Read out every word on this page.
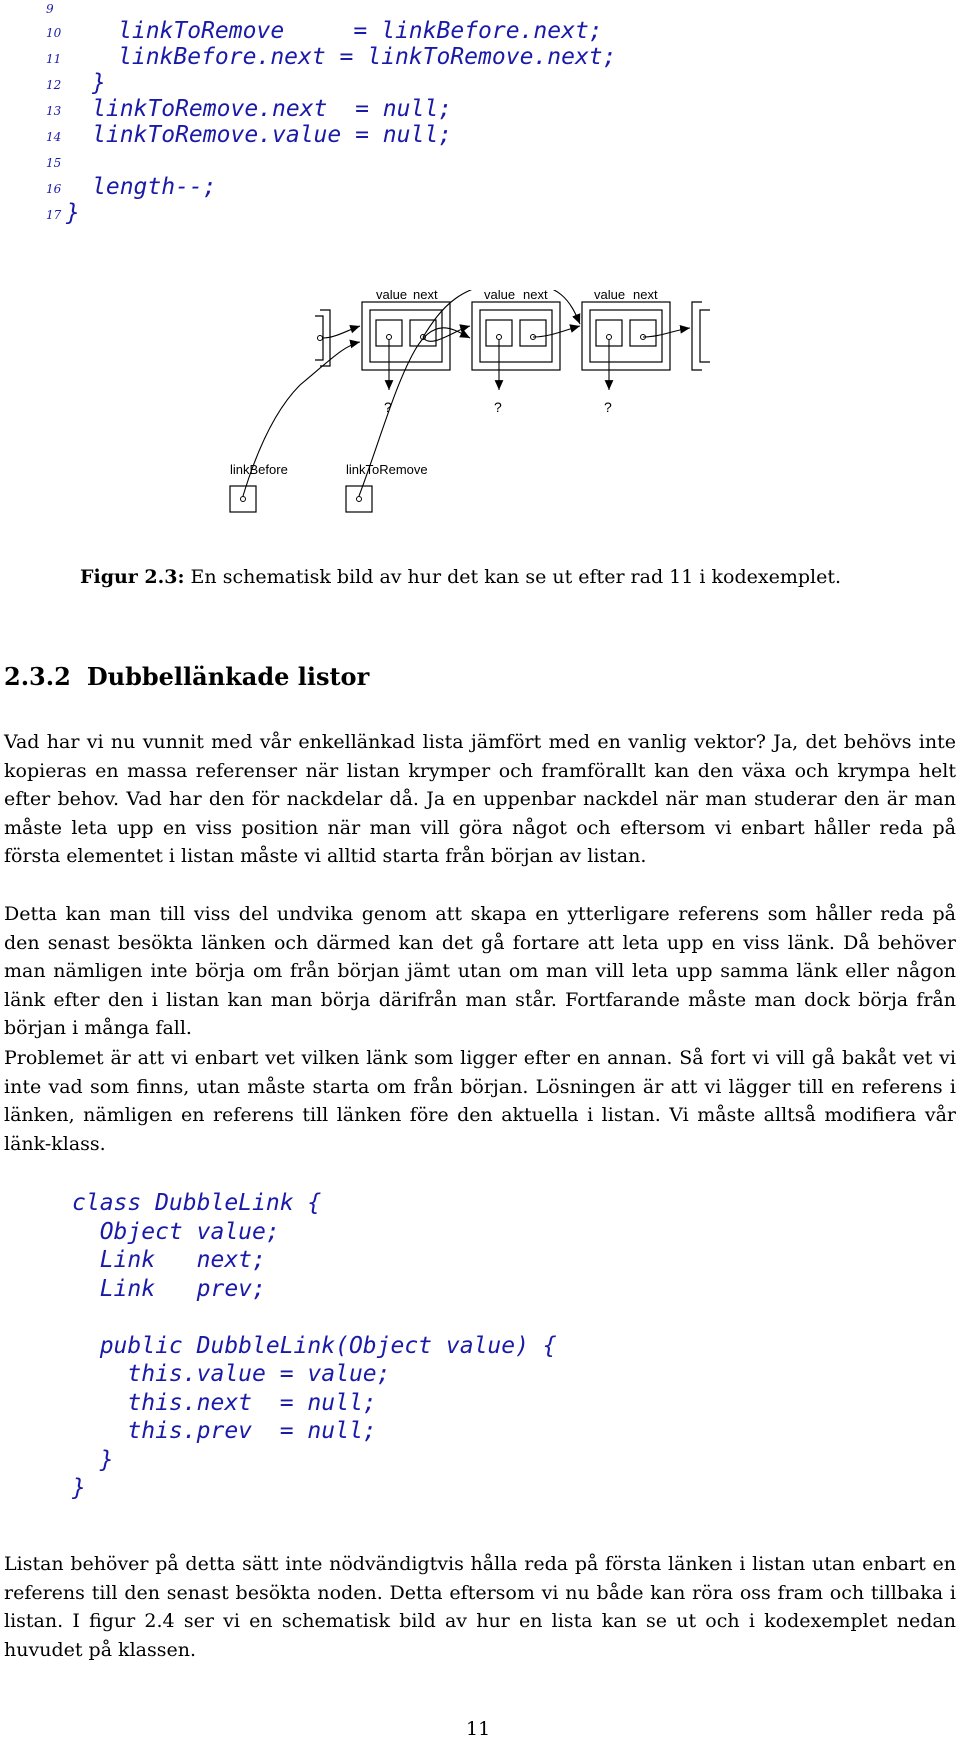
9
10 linkToRemove     = linkBefore.next;
11 linkBefore.next = linkToRemove.next;
12 }
13 linkToRemove.next  = null;
14 linkToRemove.value = null;
15
16 length--;
17 }
value next	value next	value next
?	?	?
linkBefore	linkToRemove
Figur 2.3: En schematisk bild av hur det kan se ut efter rad 11 i kodexemplet.
2.3.2 Dubbellänkade listor
Vad har vi nu vunnit med vår enkellänkad lista jämfört med en vanlig vektor? Ja, det behövs inte kopieras en massa referenser när listan krymper och framförallt kan den växa och krympa helt efter behov. Vad har den för nackdelar då. Ja en uppenbar nackdel när man studerar den är man måste leta upp en viss position när man vill göra något och eftersom vi enbart håller reda på första elementet i listan måste vi alltid starta från början av listan.
Detta kan man till viss del undvika genom att skapa en ytterligare referens som håller reda på den senast besökta länken och därmed kan det gå fortare att leta upp en viss länk. Då behöver man nämligen inte börja om från början jämt utan om man vill leta upp samma länk eller någon länk efter den i listan kan man börja därifrån man står. Fortfarande måste man dock börja från början i många fall.
Problemet är att vi enbart vet vilken länk som ligger efter en annan. Så fort vi vill gå bakåt vet vi inte vad som finns, utan måste starta om från början. Lösningen är att vi lägger till en referens i länken, nämligen en referens till länken före den aktuella i listan. Vi måste alltså modifiera vår länk-klass.
class DubbleLink {
Object value;
Link   next;
Link   prev;
public DubbleLink(Object value) {
this.value = value;
this.next  = null;
this.prev  = null;
}
}
Listan behöver på detta sätt inte nödvändigtvis hålla reda på första länken i listan utan enbart en referens till den senast besökta noden. Detta eftersom vi nu både kan röra oss fram och tillbaka i listan. I figur 2.4 ser vi en schematisk bild av hur en lista kan se ut och i kodexemplet nedan huvudet på klassen.
11
